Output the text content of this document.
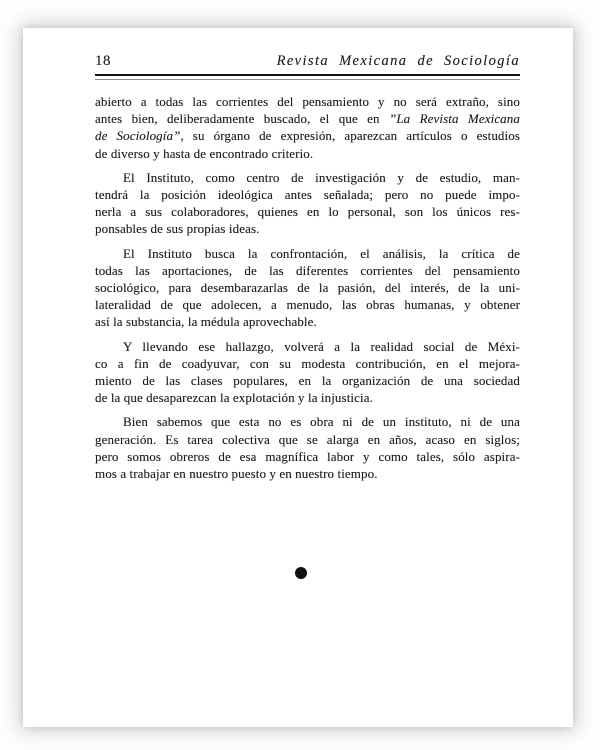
18	Revista Mexicana de Sociología
abierto a todas las corrientes del pensamiento y no será extraño, sino
antes bien, deliberadamente buscado, el que en ”La Revista Mexicana
de Sociología”, su órgano de expresión, aparezcan artículos o estudios
de diverso y hasta de encontrado criterio.
El Instituto, como centro de investigación y de estudio, man-
tendrá la posición ideológica antes señalada; pero no puede impo-
nerla a sus colaboradores, quienes en lo personal, son los únicos res-
ponsables de sus propias ideas.
El Instituto busca la confrontación, el análisis, la crítica de
todas las aportaciones, de las diferentes corrientes del pensamiento
sociológico, para desembarazarlas de la pasión, del interés, de la uni-
lateralidad de que adolecen, a menudo, las obras humanas, y obtener
así la substancia, la médula aprovechable.
Y llevando ese hallazgo, volverá a la realidad social de Méxi-
co a fin de coadyuvar, con su modesta contribución, en el mejora-
miento de las clases populares, en la organización de una sociedad
de la que desaparezcan la explotación y la injusticia.
Bien sabemos que esta no es obra ni de un instituto, ni de una
generación. Es tarea colectiva que se alarga en años, acaso en siglos;
pero somos obreros de esa magnífica labor y como tales, sólo aspira-
mos a trabajar en nuestro puesto y en nuestro tiempo.
